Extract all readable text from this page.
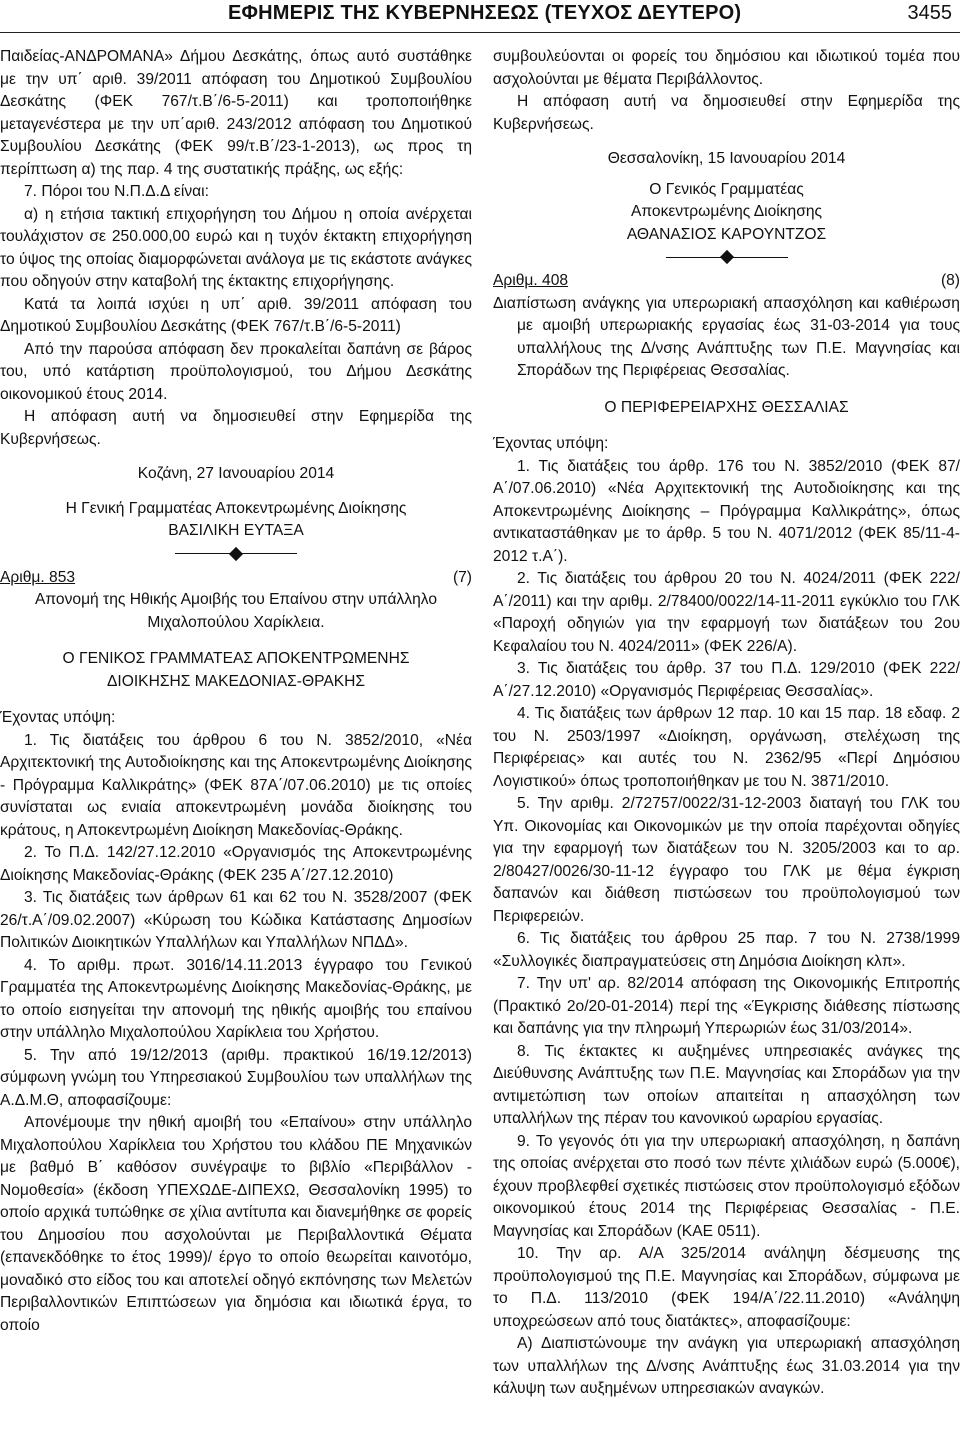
ΕΦΗΜΕΡΙΣ ΤΗΣ ΚΥΒΕΡΝΗΣΕΩΣ (ΤΕΥΧΟΣ ΔΕΥΤΕΡΟ)	3455

Παιδείας-ΑΝΔΡΟΜΑΝΑ» Δήμου Δεσκάτης, όπως αυτό συστάθηκε με την υπ΄ αριθ. 39/2011 απόφαση του Δημοτικού Συμβουλίου Δεσκάτης (ΦΕΚ 767/τ.Β΄/6-5-2011) και τροποποιήθηκε μεταγενέστερα με την υπ΄αριθ. 243/2012 απόφαση του Δημοτικού Συμβουλίου Δεσκάτης (ΦΕΚ 99/τ.Β΄/23-1-2013), ως προς τη περίπτωση α) της παρ. 4 της συστατικής πράξης, ως εξής:

7. Πόροι του Ν.Π.Δ.Δ είναι:

α) η ετήσια τακτική επιχορήγηση του Δήμου η οποία ανέρχεται τουλάχιστον σε 250.000,00 ευρώ και η τυχόν έκτακτη επιχορήγηση το ύψος της οποίας διαμορφώνεται ανάλογα με τις εκάστοτε ανάγκες που οδηγούν στην καταβολή της έκτακτης επιχορήγησης.

Κατά τα λοιπά ισχύει η υπ΄ αριθ. 39/2011 απόφαση του Δημοτικού Συμβουλίου Δεσκάτης (ΦΕΚ 767/τ.Β΄/6-5-2011)

Από την παρούσα απόφαση δεν προκαλείται δαπάνη σε βάρος του, υπό κατάρτιση προϋπολογισμού, του Δήμου Δεσκάτης οικονομικού έτους 2014.

Η απόφαση αυτή να δημοσιευθεί στην Εφημερίδα της Κυβερνήσεως.

Κοζάνη, 27 Ιανουαρίου 2014

Η Γενική Γραμματέας Αποκεντρωμένης Διοίκησης

ΒΑΣΙΛΙΚΗ ΕΥΤΑΞΑ

Αριθμ. 853	(7)

Απονομή της Ηθικής Αμοιβής του Επαίνου στην υπάλληλο Μιχαλοπούλου Χαρίκλεια.

Ο ΓΕΝΙΚΟΣ ΓΡΑΜΜΑΤΕΑΣ ΑΠΟΚΕΝΤΡΩΜΕΝΗΣ

ΔΙΟΙΚΗΣΗΣ ΜΑΚΕΔΟΝΙΑΣ-ΘΡΑΚΗΣ

Έχοντας υπόψη:

1. Τις διατάξεις του άρθρου 6 του Ν. 3852/2010, «Νέα Αρχιτεκτονική της Αυτοδιοίκησης και της Αποκεντρωμένης Διοίκησης - Πρόγραμμα Καλλικράτης» (ΦΕΚ 87Α΄/07.06.2010) με τις οποίες συνίσταται ως ενιαία αποκεντρωμένη μονάδα διοίκησης του κράτους, η Αποκεντρωμένη Διοίκηση Μακεδονίας-Θράκης.

2. Το Π.Δ. 142/27.12.2010 «Οργανισμός της Αποκεντρωμένης Διοίκησης Μακεδονίας-Θράκης (ΦΕΚ 235 Α΄/27.12.2010)

3. Τις διατάξεις των άρθρων 61 και 62 του Ν. 3528/2007 (ΦΕΚ 26/τ.Α΄/09.02.2007) «Κύρωση του Κώδικα Κατάστασης Δημοσίων Πολιτικών Διοικητικών Υπαλλήλων και Υπαλλήλων ΝΠΔΔ».

4. Το αριθμ. πρωτ. 3016/14.11.2013 έγγραφο του Γενικού Γραμματέα της Αποκεντρωμένης Διοίκησης Μακεδονίας-Θράκης, με το οποίο εισηγείται την απονομή της ηθικής αμοιβής του επαίνου στην υπάλληλο Μιχαλοπούλου Χαρίκλεια του Χρήστου.

5. Την από 19/12/2013 (αριθμ. πρακτικού 16/19.12/2013) σύμφωνη γνώμη του Υπηρεσιακού Συμβουλίου των υπαλλήλων της Α.Δ.Μ.Θ, αποφασίζουμε:

Απονέμουμε την ηθική αμοιβή του «Επαίνου» στην υπάλληλο Μιχαλοπούλου Χαρίκλεια του Χρήστου του κλάδου ΠΕ Μηχανικών με βαθμό Β΄ καθόσον συνέγραψε το βιβλίο «Περιβάλλον - Νομοθεσία» (έκδοση ΥΠΕΧΩΔΕ-ΔΙΠΕΧΩ, Θεσσαλονίκη 1995) το οποίο αρχικά τυπώθηκε σε χίλια αντίτυπα και διανεμήθηκε σε φορείς του Δημοσίου που ασχολούνται με Περιβαλλοντικά Θέματα (επανεκδόθηκε το έτος 1999)/ έργο το οποίο θεωρείται καινοτόμο, μοναδικό στο είδος του και αποτελεί οδηγό εκπόνησης των Μελετών Περιβαλλοντικών Επιπτώσεων για δημόσια και ιδιωτικά έργα, το οποίο

συμβουλεύονται οι φορείς του δημόσιου και ιδιωτικού τομέα που ασχολούνται με θέματα Περιβάλλοντος.

Η απόφαση αυτή να δημοσιευθεί στην Εφημερίδα της Κυβερνήσεως.

Θεσσαλονίκη, 15 Ιανουαρίου 2014

Ο Γενικός Γραμματέας

Αποκεντρωμένης Διοίκησης

ΑΘΑΝΑΣΙΟΣ ΚΑΡΟΥΝΤΖΟΣ

Αριθμ. 408	(8)

Διαπίστωση ανάγκης για υπερωριακή απασχόληση και καθιέρωση με αμοιβή υπερωριακής εργασίας έως 31-03-2014 για τους υπαλλήλους της Δ/νσης Ανάπτυξης των Π.Ε. Μαγνησίας και Σποράδων της Περιφέρειας Θεσσαλίας.

Ο ΠΕΡΙΦΕΡΕΙΑΡΧΗΣ ΘΕΣΣΑΛΙΑΣ

Έχοντας υπόψη:

1. Τις διατάξεις του άρθρ. 176 του Ν. 3852/2010 (ΦΕΚ 87/Α΄/07.06.2010) «Νέα Αρχιτεκτονική της Αυτοδιοίκησης και της Αποκεντρωμένης Διοίκησης – Πρόγραμμα Καλλικράτης», όπως αντικαταστάθηκαν με το άρθρ. 5 του Ν. 4071/2012 (ΦΕΚ 85/11-4-2012 τ.Α΄).

2. Τις διατάξεις του άρθρου 20 του Ν. 4024/2011 (ΦΕΚ 222/Α΄/2011) και την αριθμ. 2/78400/0022/14-11-2011 εγκύκλιο του ΓΛΚ «Παροχή οδηγιών για την εφαρμογή των διατάξεων του 2ου Κεφαλαίου του Ν. 4024/2011» (ΦΕΚ 226/Α).

3. Τις διατάξεις του άρθρ. 37 του Π.Δ. 129/2010 (ΦΕΚ 222/Α΄/27.12.2010) «Οργανισμός Περιφέρειας Θεσσαλίας».

4. Τις διατάξεις των άρθρων 12 παρ. 10 και 15 παρ. 18 εδαφ. 2 του Ν. 2503/1997 «Διοίκηση, οργάνωση, στελέχωση της Περιφέρειας» και αυτές του Ν. 2362/95 «Περί Δημόσιου Λογιστικού» όπως τροποποιήθηκαν με του Ν. 3871/2010.

5. Την αριθμ. 2/72757/0022/31-12-2003 διαταγή του ΓΛΚ του Υπ. Οικονομίας και Οικονομικών με την οποία παρέχονται οδηγίες για την εφαρμογή των διατάξεων του Ν. 3205/2003 και το αρ. 2/80427/0026/30-11-12 έγγραφο του ΓΛΚ με θέμα έγκριση δαπανών και διάθεση πιστώσεων του προϋπολογισμού των Περιφερειών.

6. Τις διατάξεις του άρθρου 25 παρ. 7 του Ν. 2738/1999 «Συλλογικές διαπραγματεύσεις στη Δημόσια Διοίκηση κλπ».

7. Την υπ' αρ. 82/2014 απόφαση της Οικονομικής Επιτροπής (Πρακτικό 2ο/20-01-2014) περί της «Έγκρισης διάθεσης πίστωσης και δαπάνης για την πληρωμή Υπερωριών έως 31/03/2014».

8. Τις έκτακτες κι αυξημένες υπηρεσιακές ανάγκες της Διεύθυνσης Ανάπτυξης των Π.Ε. Μαγνησίας και Σποράδων για την αντιμετώπιση των οποίων απαιτείται η απασχόληση των υπαλλήλων της πέραν του κανονικού ωραρίου εργασίας.

9. Το γεγονός ότι για την υπερωριακή απασχόληση, η δαπάνη της οποίας ανέρχεται στο ποσό των πέντε χιλιάδων ευρώ (5.000€), έχουν προβλεφθεί σχετικές πιστώσεις στον προϋπολογισμό εξόδων οικονομικού έτους 2014 της Περιφέρειας Θεσσαλίας - Π.Ε. Μαγνησίας και Σποράδων (ΚΑΕ 0511).

10. Την αρ. Α/Α 325/2014 ανάληψη δέσμευσης της προϋπολογισμού της Π.Ε. Μαγνησίας και Σποράδων, σύμφωνα με το Π.Δ. 113/2010 (ΦΕΚ 194/Α΄/22.11.2010) «Ανάληψη υποχρεώσεων από τους διατάκτες», αποφασίζουμε:

Α) Διαπιστώνουμε την ανάγκη για υπερωριακή απασχόληση των υπαλλήλων της Δ/νσης Ανάπτυξης έως 31.03.2014 για την κάλυψη των αυξημένων υπηρεσιακών αναγκών.
